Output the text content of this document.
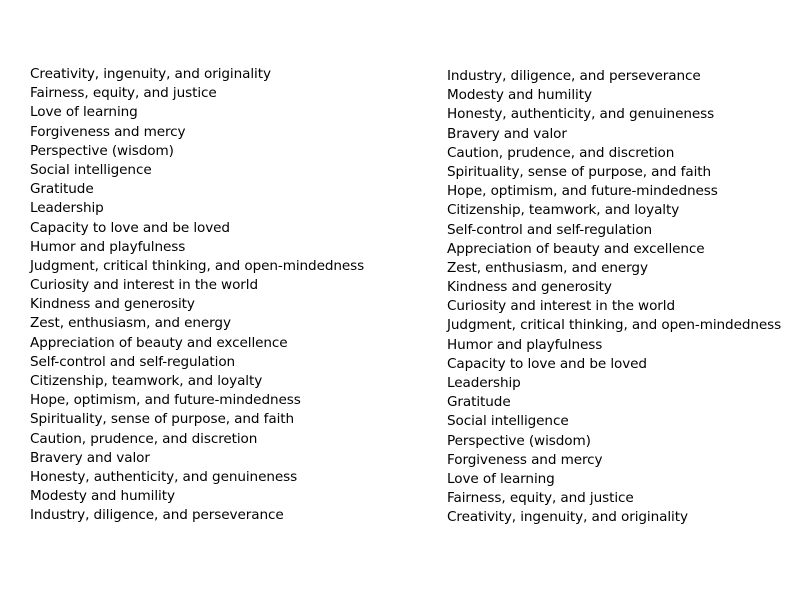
Creativity, ingenuity, and originality
Fairness, equity, and justice
Love of learning
Forgiveness and mercy
Perspective (wisdom)
Social intelligence
Gratitude
Leadership
Capacity to love and be loved
Humor and playfulness
Judgment, critical thinking, and open-mindedness
Curiosity and interest in the world
Kindness and generosity
Zest, enthusiasm, and energy
Appreciation of beauty and excellence
Self-control and self-regulation
Citizenship, teamwork, and loyalty
Hope, optimism, and future-mindedness
Spirituality, sense of purpose, and faith
Caution, prudence, and discretion
Bravery and valor
Honesty, authenticity, and genuineness
Modesty and humility
Industry, diligence, and perseverance
Industry, diligence, and perseverance
Modesty and humility
Honesty, authenticity, and genuineness
Bravery and valor
Caution, prudence, and discretion
Spirituality, sense of purpose, and faith
Hope, optimism, and future-mindedness
Citizenship, teamwork, and loyalty
Self-control and self-regulation
Appreciation of beauty and excellence
Zest, enthusiasm, and energy
Kindness and generosity
Curiosity and interest in the world
Judgment, critical thinking, and open-mindedness
Humor and playfulness
Capacity to love and be loved
Leadership
Gratitude
Social intelligence
Perspective (wisdom)
Forgiveness and mercy
Love of learning
Fairness, equity, and justice
Creativity, ingenuity, and originality
